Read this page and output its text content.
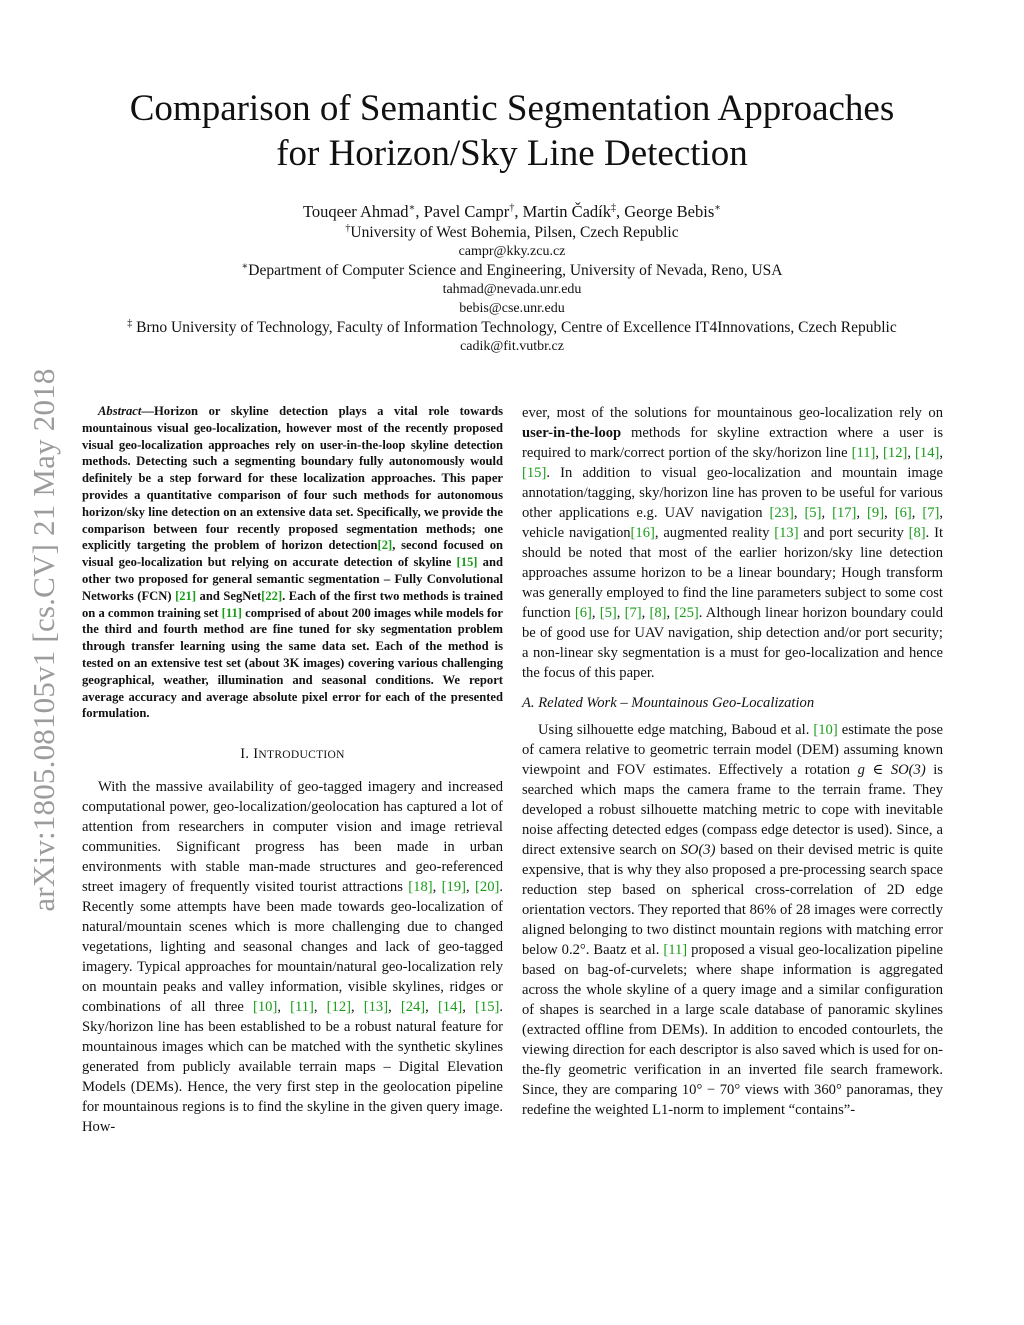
arXiv:1805.08105v1 [cs.CV] 21 May 2018
Comparison of Semantic Segmentation Approaches
for Horizon/Sky Line Detection
Touqeer Ahmad∗, Pavel Campr†, Martin Čadík‡, George Bebis∗
†University of West Bohemia, Pilsen, Czech Republic
campr@kky.zcu.cz
∗Department of Computer Science and Engineering, University of Nevada, Reno, USA
tahmad@nevada.unr.edu
bebis@cse.unr.edu
‡ Brno University of Technology, Faculty of Information Technology, Centre of Excellence IT4Innovations, Czech Republic
cadik@fit.vutbr.cz

Abstract—Horizon or skyline detection plays a vital role towards mountainous visual geo-localization, however most of the recently proposed visual geo-localization approaches rely on user-in-the-loop skyline detection methods. Detecting such a segmenting boundary fully autonomously would definitely be a step forward for these localization approaches. This paper provides a quantitative comparison of four such methods for autonomous horizon/sky line detection on an extensive data set. Specifically, we provide the comparison between four recently proposed segmentation methods; one explicitly targeting the problem of horizon detection[2], second focused on visual geo-localization but relying on accurate detection of skyline [15] and other two proposed for general semantic segmentation – Fully Convolutional Networks (FCN) [21] and SegNet[22]. Each of the first two methods is trained on a common training set [11] comprised of about 200 images while models for the third and fourth method are fine tuned for sky segmentation problem through transfer learning using the same data set. Each of the method is tested on an extensive test set (about 3K images) covering various challenging geographical, weather, illumination and seasonal conditions. We report average accuracy and average absolute pixel error for each of the presented formulation.

I. INTRODUCTION

With the massive availability of geo-tagged imagery and increased computational power, geo-localization/geolocation has captured a lot of attention from researchers in computer vision and image retrieval communities. Significant progress has been made in urban environments with stable man-made structures and geo-referenced street imagery of frequently visited tourist attractions [18], [19], [20]. Recently some attempts have been made towards geo-localization of natural/mountain scenes which is more challenging due to changed vegetations, lighting and seasonal changes and lack of geo-tagged imagery. Typical approaches for mountain/natural geo-localization rely on mountain peaks and valley information, visible skylines, ridges or combinations of all three [10], [11], [12], [13], [24], [14], [15]. Sky/horizon line has been established to be a robust natural feature for mountainous images which can be matched with the synthetic skylines generated from publicly available terrain maps – Digital Elevation Models (DEMs). Hence, the very first step in the geolocation pipeline for mountainous regions is to find the skyline in the given query image. How-

ever, most of the solutions for mountainous geo-localization rely on user-in-the-loop methods for skyline extraction where a user is required to mark/correct portion of the sky/horizon line [11], [12], [14], [15]. In addition to visual geo-localization and mountain image annotation/tagging, sky/horizon line has proven to be useful for various other applications e.g. UAV navigation [23], [5], [17], [9], [6], [7], vehicle navigation[16], augmented reality [13] and port security [8]. It should be noted that most of the earlier horizon/sky line detection approaches assume horizon to be a linear boundary; Hough transform was generally employed to find the line parameters subject to some cost function [6], [5], [7], [8], [25]. Although linear horizon boundary could be of good use for UAV navigation, ship detection and/or port security; a non-linear sky segmentation is a must for geo-localization and hence the focus of this paper.

A. Related Work – Mountainous Geo-Localization

Using silhouette edge matching, Baboud et al. [10] estimate the pose of camera relative to geometric terrain model (DEM) assuming known viewpoint and FOV estimates. Effectively a rotation g ∈ SO(3) is searched which maps the camera frame to the terrain frame. They developed a robust silhouette matching metric to cope with inevitable noise affecting detected edges (compass edge detector is used). Since, a direct extensive search on SO(3) based on their devised metric is quite expensive, that is why they also proposed a pre-processing search space reduction step based on spherical cross-correlation of 2D edge orientation vectors. They reported that 86% of 28 images were correctly aligned belonging to two distinct mountain regions with matching error below 0.2°. Baatz et al. [11] proposed a visual geo-localization pipeline based on bag-of-curvelets; where shape information is aggregated across the whole skyline of a query image and a similar configuration of shapes is searched in a large scale database of panoramic skylines (extracted offline from DEMs). In addition to encoded contourlets, the viewing direction for each descriptor is also saved which is used for on-the-fly geometric verification in an inverted file search framework. Since, they are comparing 10° − 70° views with 360° panoramas, they redefine the weighted L1-norm to implement “contains”-
